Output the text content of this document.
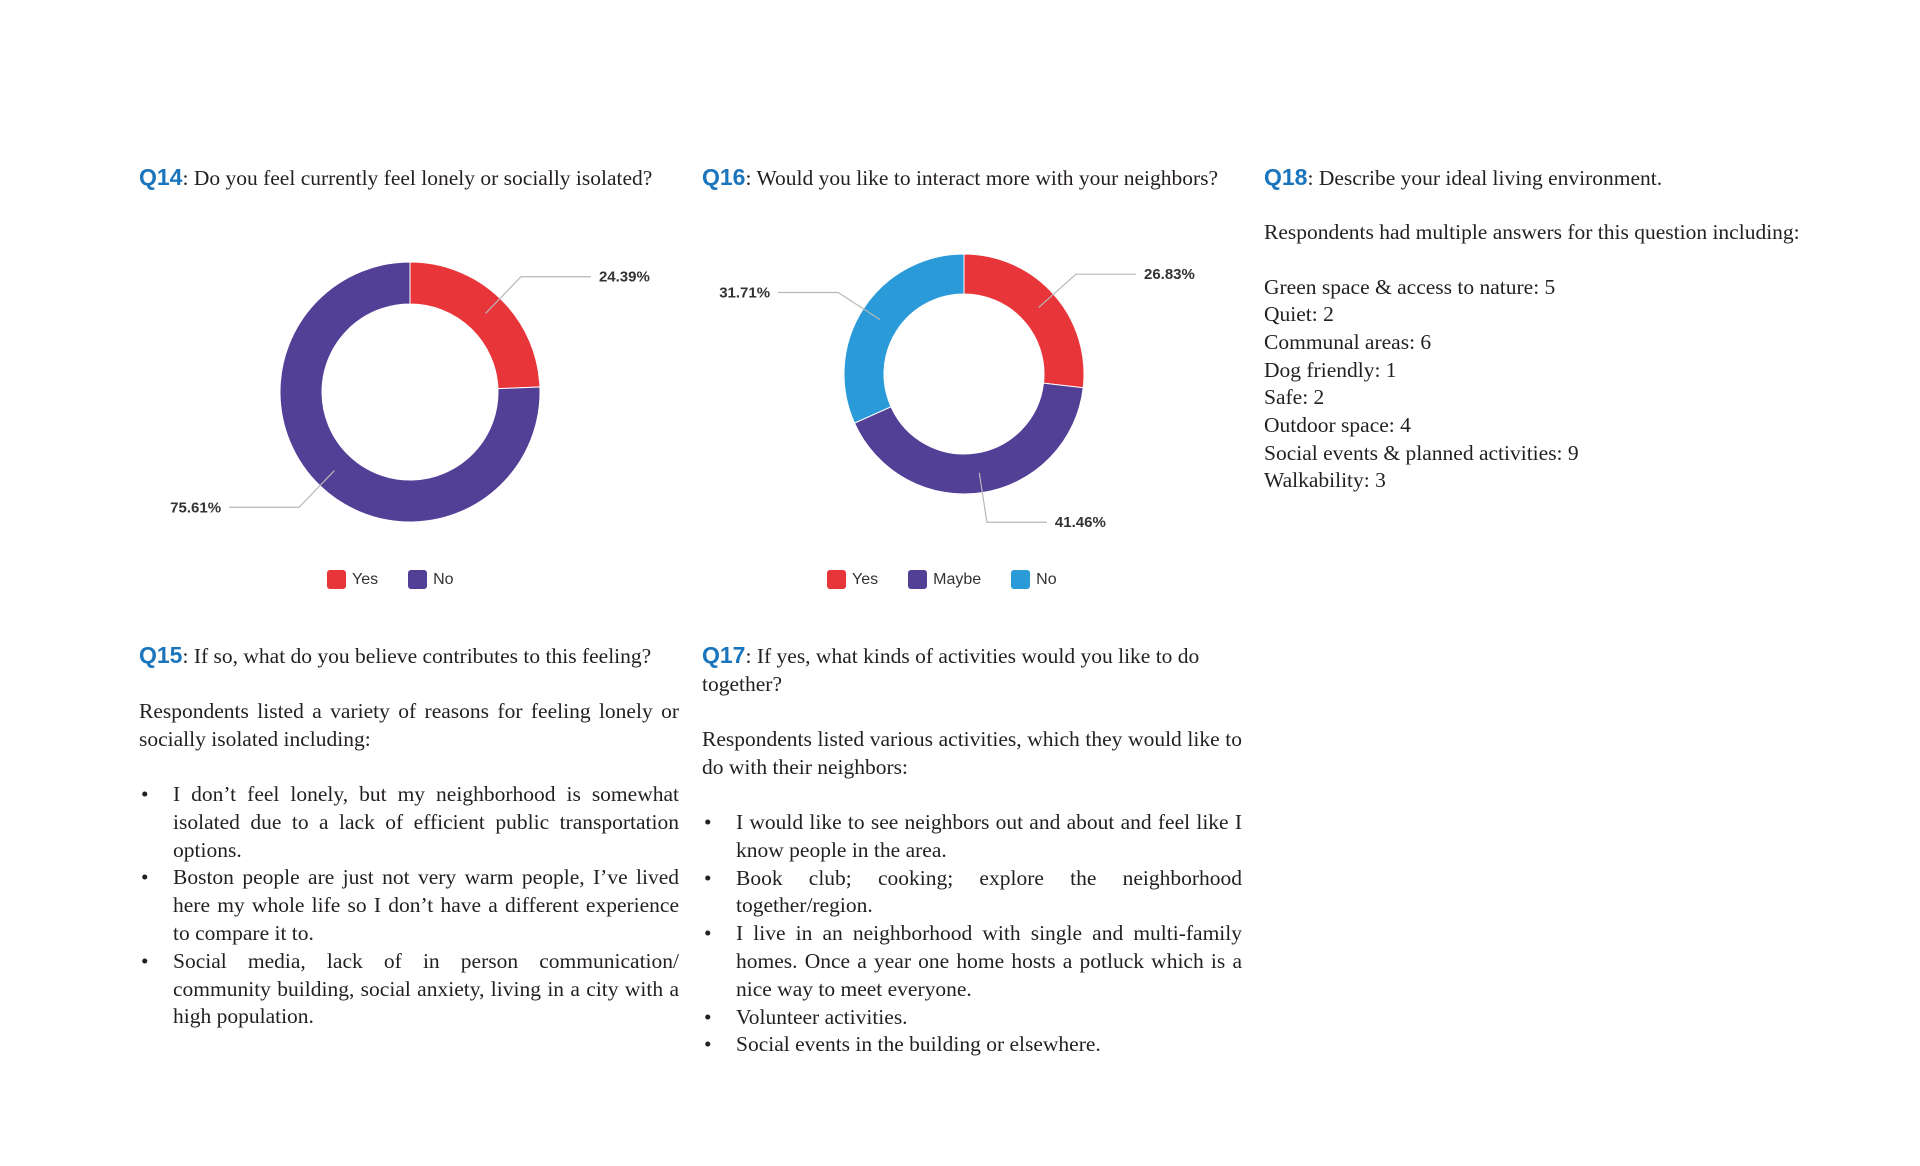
Q14: Do you feel currently feel lonely or socially isolated?

24.39%
75.61%
Yes	No

Q15: If so, what do you believe contributes to this feeling?

Respondents listed a variety of reasons for feeling lonely or socially isolated including:

• I don’t feel lonely, but my neighborhood is somewhat isolated due to a lack of efficient public transportation options.
• Boston people are just not very warm people, I’ve lived here my whole life so I don’t have a different experience to compare it to.
• Social media, lack of in person communication/ community building, social anxiety, living in a city with a high population.

Q16: Would you like to interact more with your neighbors?

26.83%
41.46%
31.71%
Yes	Maybe	No

Q17: If yes, what kinds of activities would you like to do together?

Respondents listed various activities, which they would like to do with their neighbors:

• I would like to see neighbors out and about and feel like I know people in the area.
• Book club; cooking; explore the neighborhood together/region.
• I live in an neighborhood with single and multi-family homes. Once a year one home hosts a potluck which is a nice way to meet everyone.
• Volunteer activities.
• Social events in the building or elsewhere.

Q18: Describe your ideal living environment.

Respondents had multiple answers for this question including:

Green space & access to nature: 5
Quiet: 2
Communal areas: 6
Dog friendly: 1
Safe: 2
Outdoor space: 4
Social events & planned activities: 9
Walkability: 3
